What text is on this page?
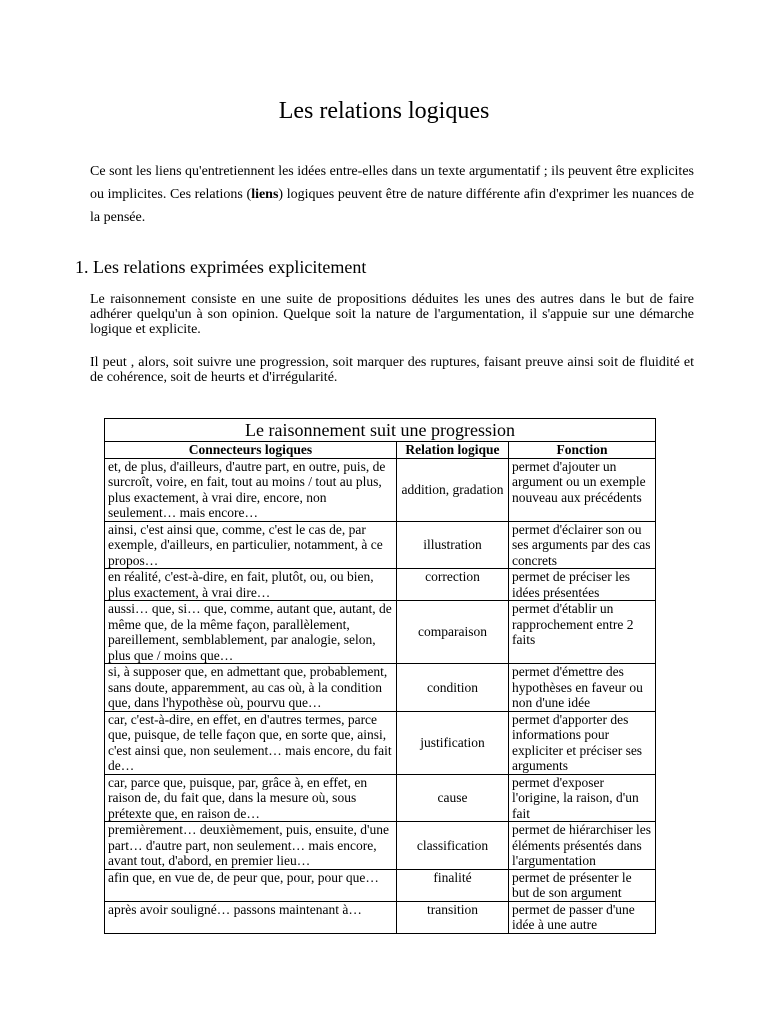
Les relations logiques

Ce sont les liens qu'entretiennent les idées entre-elles dans un texte argumentatif ; ils peuvent être explicites ou implicites. Ces relations (liens) logiques peuvent être de nature différente afin d'exprimer les nuances de la pensée.

1. Les relations exprimées explicitement

Le raisonnement consiste en une suite de propositions déduites les unes des autres dans le but de faire adhérer quelqu'un à son opinion. Quelque soit la nature de l'argumentation, il s'appuie sur une démarche logique et explicite.

Il peut , alors, soit suivre une progression, soit marquer des ruptures, faisant preuve ainsi soit de fluidité et de cohérence, soit de heurts et d'irrégularité.

Le raisonnement suit une progression		
Connecteurs logiques	Relation logique	Fonction
et, de plus, d'ailleurs, d'autre part, en outre, puis, de surcroît, voire, en fait, tout au moins / tout au plus, plus exactement, à vrai dire, encore, non seulement… mais encore…	addition, gradation	permet d'ajouter un argument ou un exemple nouveau aux précédents
ainsi, c'est ainsi que, comme, c'est le cas de, par exemple, d'ailleurs, en particulier, notamment, à ce propos…	illustration	permet d'éclairer son ou ses arguments par des cas concrets
en réalité, c'est-à-dire, en fait, plutôt, ou, ou bien, plus exactement, à vrai dire…	correction	permet de préciser les idées présentées
aussi… que, si… que, comme, autant que, autant, de même que, de la même façon, parallèlement, pareillement, semblablement, par analogie, selon, plus que / moins que…	comparaison	permet d'établir un rapprochement entre 2 faits
si, à supposer que, en admettant que, probablement, sans doute, apparemment, au cas où, à la condition que, dans l'hypothèse où, pourvu que…	condition	permet d'émettre des hypothèses en faveur ou non d'une idée
car, c'est-à-dire, en effet, en d'autres termes, parce que, puisque, de telle façon que, en sorte que, ainsi, c'est ainsi que, non seulement… mais encore, du fait de…	justification	permet d'apporter des informations pour expliciter et préciser ses arguments
car, parce que, puisque, par, grâce à, en effet, en raison de, du fait que, dans la mesure où, sous prétexte que, en raison de…	cause	permet d'exposer l'origine, la raison, d'un fait
premièrement… deuxièmement, puis, ensuite, d'une part… d'autre part, non seulement… mais encore, avant tout, d'abord, en premier lieu…	classification	permet de hiérarchiser les éléments présentés dans l'argumentation
afin que, en vue de, de peur que, pour, pour que…	finalité	permet de présenter le but de son argument
après avoir souligné… passons maintenant à…	transition	permet de passer d'une idée à une autre
